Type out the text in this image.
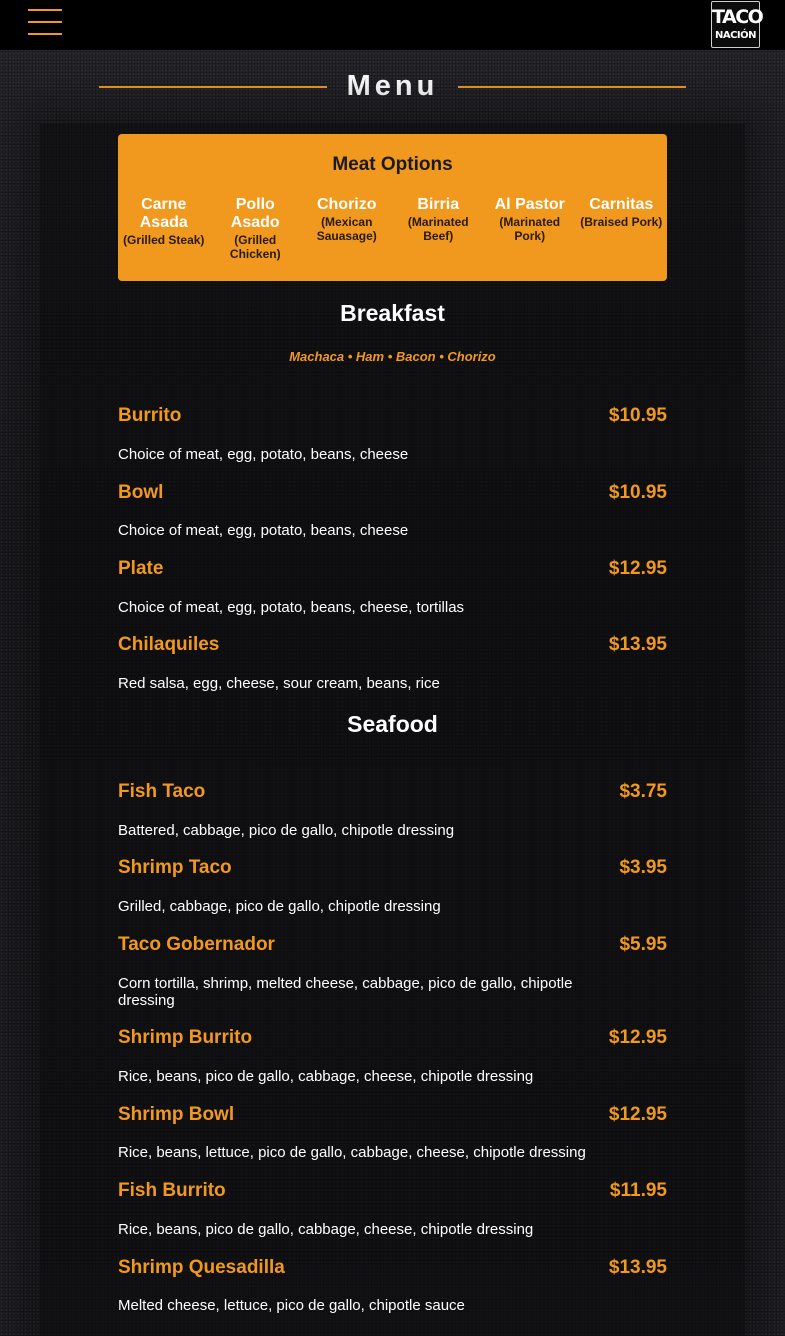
TACO
NACIÓN
Menu
Meat Options
Carne Asada
(Grilled Steak)
Pollo Asado
(Grilled Chicken)
Chorizo
(Mexican Sauasage)
Birria
(Marinated Beef)
Al Pastor
(Marinated Pork)
Carnitas
(Braised Pork)
Breakfast
Machaca • Ham • Bacon • Chorizo
Burrito	$10.95
Choice of meat, egg, potato, beans, cheese
Bowl	$10.95
Choice of meat, egg, potato, beans, cheese
Plate	$12.95
Choice of meat, egg, potato, beans, cheese, tortillas
Chilaquiles	$13.95
Red salsa, egg, cheese, sour cream, beans, rice
Seafood
Fish Taco	$3.75
Battered, cabbage, pico de gallo, chipotle dressing
Shrimp Taco	$3.95
Grilled, cabbage, pico de gallo, chipotle dressing
Taco Gobernador	$5.95
Corn tortilla, shrimp, melted cheese, cabbage, pico de gallo, chipotle dressing
Shrimp Burrito	$12.95
Rice, beans, pico de gallo, cabbage, cheese, chipotle dressing
Shrimp Bowl	$12.95
Rice, beans, lettuce, pico de gallo, cabbage, cheese, chipotle dressing
Fish Burrito	$11.95
Rice, beans, pico de gallo, cabbage, cheese, chipotle dressing
Shrimp Quesadilla	$13.95
Melted cheese, lettuce, pico de gallo, chipotle sauce
